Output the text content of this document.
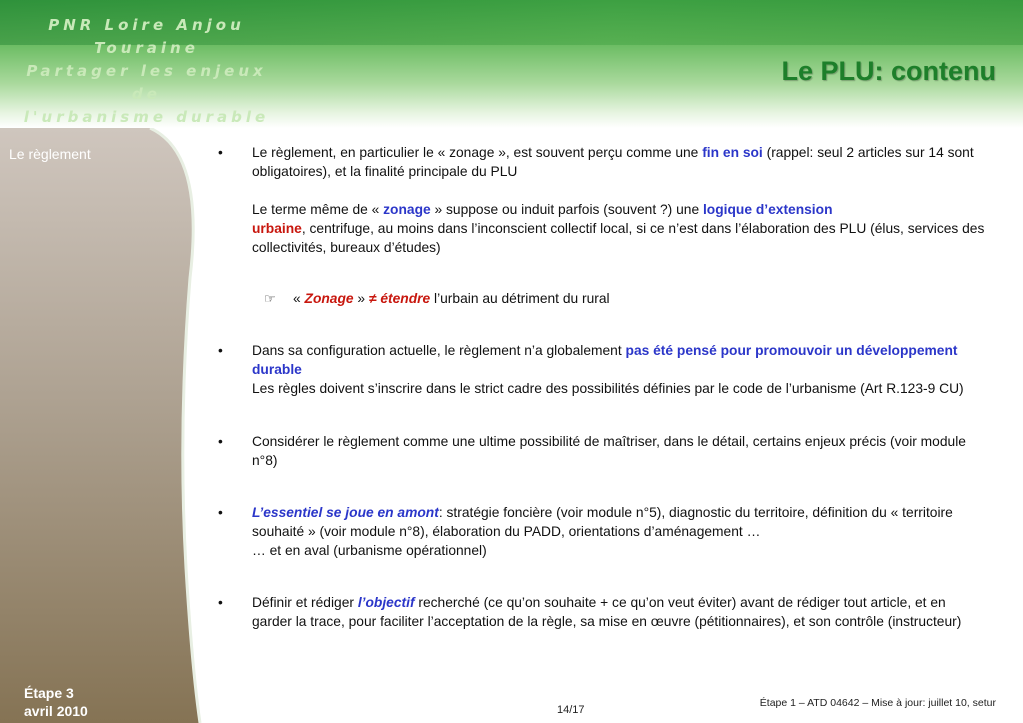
PNR Loire Anjou Touraine
Partager les enjeux de
l'urbanisme durable
Le PLU: contenu
Le règlement
Étape 3
avril 2010
• Le règlement, en particulier le « zonage », est souvent perçu comme une fin en soi (rappel: seul 2 articles sur 14 sont obligatoires), et la finalité principale du PLU
Le terme même de « zonage » suppose ou induit parfois (souvent ?) une logique d’extension
urbaine, centrifuge, au moins dans l’inconscient collectif local, si ce n’est dans l’élaboration des PLU (élus, services des collectivités, bureaux d’études)
☞ « Zonage » ≠ étendre l’urbain au détriment du rural
• Dans sa configuration actuelle, le règlement n’a globalement pas été pensé pour promouvoir un développement durable
Les règles doivent s’inscrire dans le strict cadre des possibilités définies par le code de l’urbanisme (Art R.123-9 CU)
• Considérer le règlement comme une ultime possibilité de maîtriser, dans le détail, certains enjeux précis (voir module n°8)
• L’essentiel se joue en amont: stratégie foncière (voir module n°5), diagnostic du territoire, définition du « territoire souhaité » (voir module n°8), élaboration du PADD, orientations d’aménagement …
… et en aval (urbanisme opérationnel)
• Définir et rédiger l’objectif recherché (ce qu’on souhaite + ce qu’on veut éviter) avant de rédiger tout article, et en garder la trace, pour faciliter l’acceptation de la règle, sa mise en œuvre (pétitionnaires), et son contrôle (instructeur)
14/17
Étape 1 – ATD 04642 – Mise à jour: juillet 10, setur
